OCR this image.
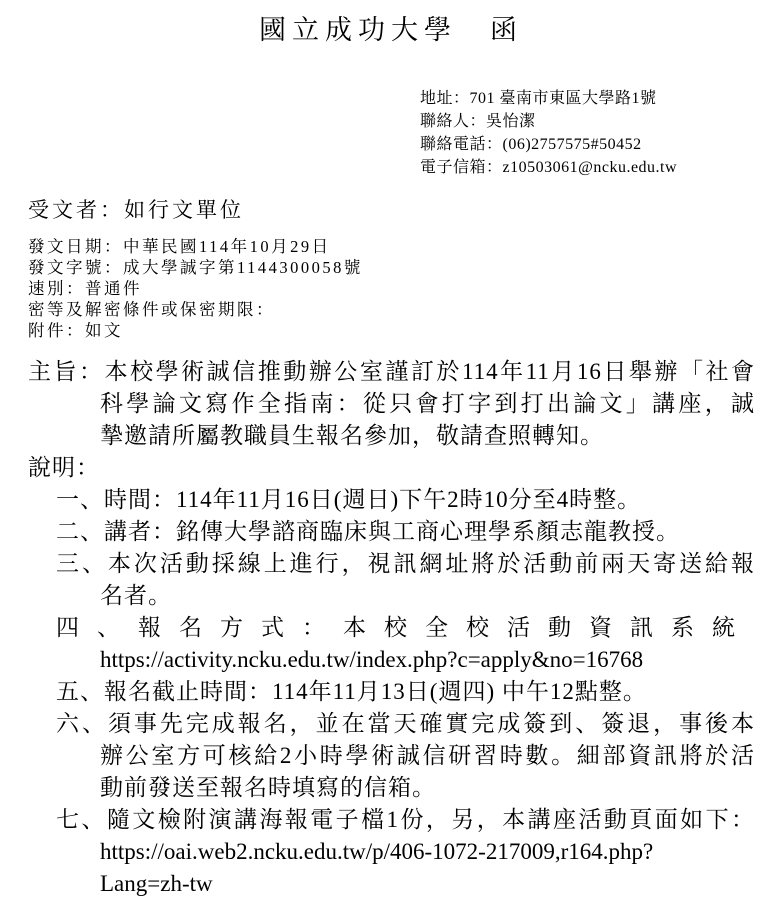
國立成功大學　函
地址：701 臺南市東區大學路1號
聯絡人：吳怡潔
聯絡電話：(06)2757575#50452
電子信箱：z10503061@ncku.edu.tw
受文者：如行文單位
發文日期：中華民國114年10月29日
發文字號：成大學誠字第1144300058號
速別：普通件
密等及解密條件或保密期限：
附件：如文
主旨：本校學術誠信推動辦公室謹訂於114年11月16日舉辦「社會
科學論文寫作全指南：從只會打字到打出論文」講座，誠
摯邀請所屬教職員生報名參加，敬請查照轉知。
說明：
一、時間：114年11月16日(週日)下午2時10分至4時整。
二、講者：銘傳大學諮商臨床與工商心理學系顏志龍教授。
三、本次活動採線上進行，視訊網址將於活動前兩天寄送給報
名者。
四、報名方式：本校全校活動資訊系統
https://activity.ncku.edu.tw/index.php?c=apply&no=16768
五、報名截止時間：114年11月13日(週四) 中午12點整。
六、須事先完成報名，並在當天確實完成簽到、簽退，事後本
辦公室方可核給2小時學術誠信研習時數。細部資訊將於活
動前發送至報名時填寫的信箱。
七、隨文檢附演講海報電子檔1份，另，本講座活動頁面如下：
https://oai.web2.ncku.edu.tw/p/406-1072-217009,r164.php?
Lang=zh-tw
